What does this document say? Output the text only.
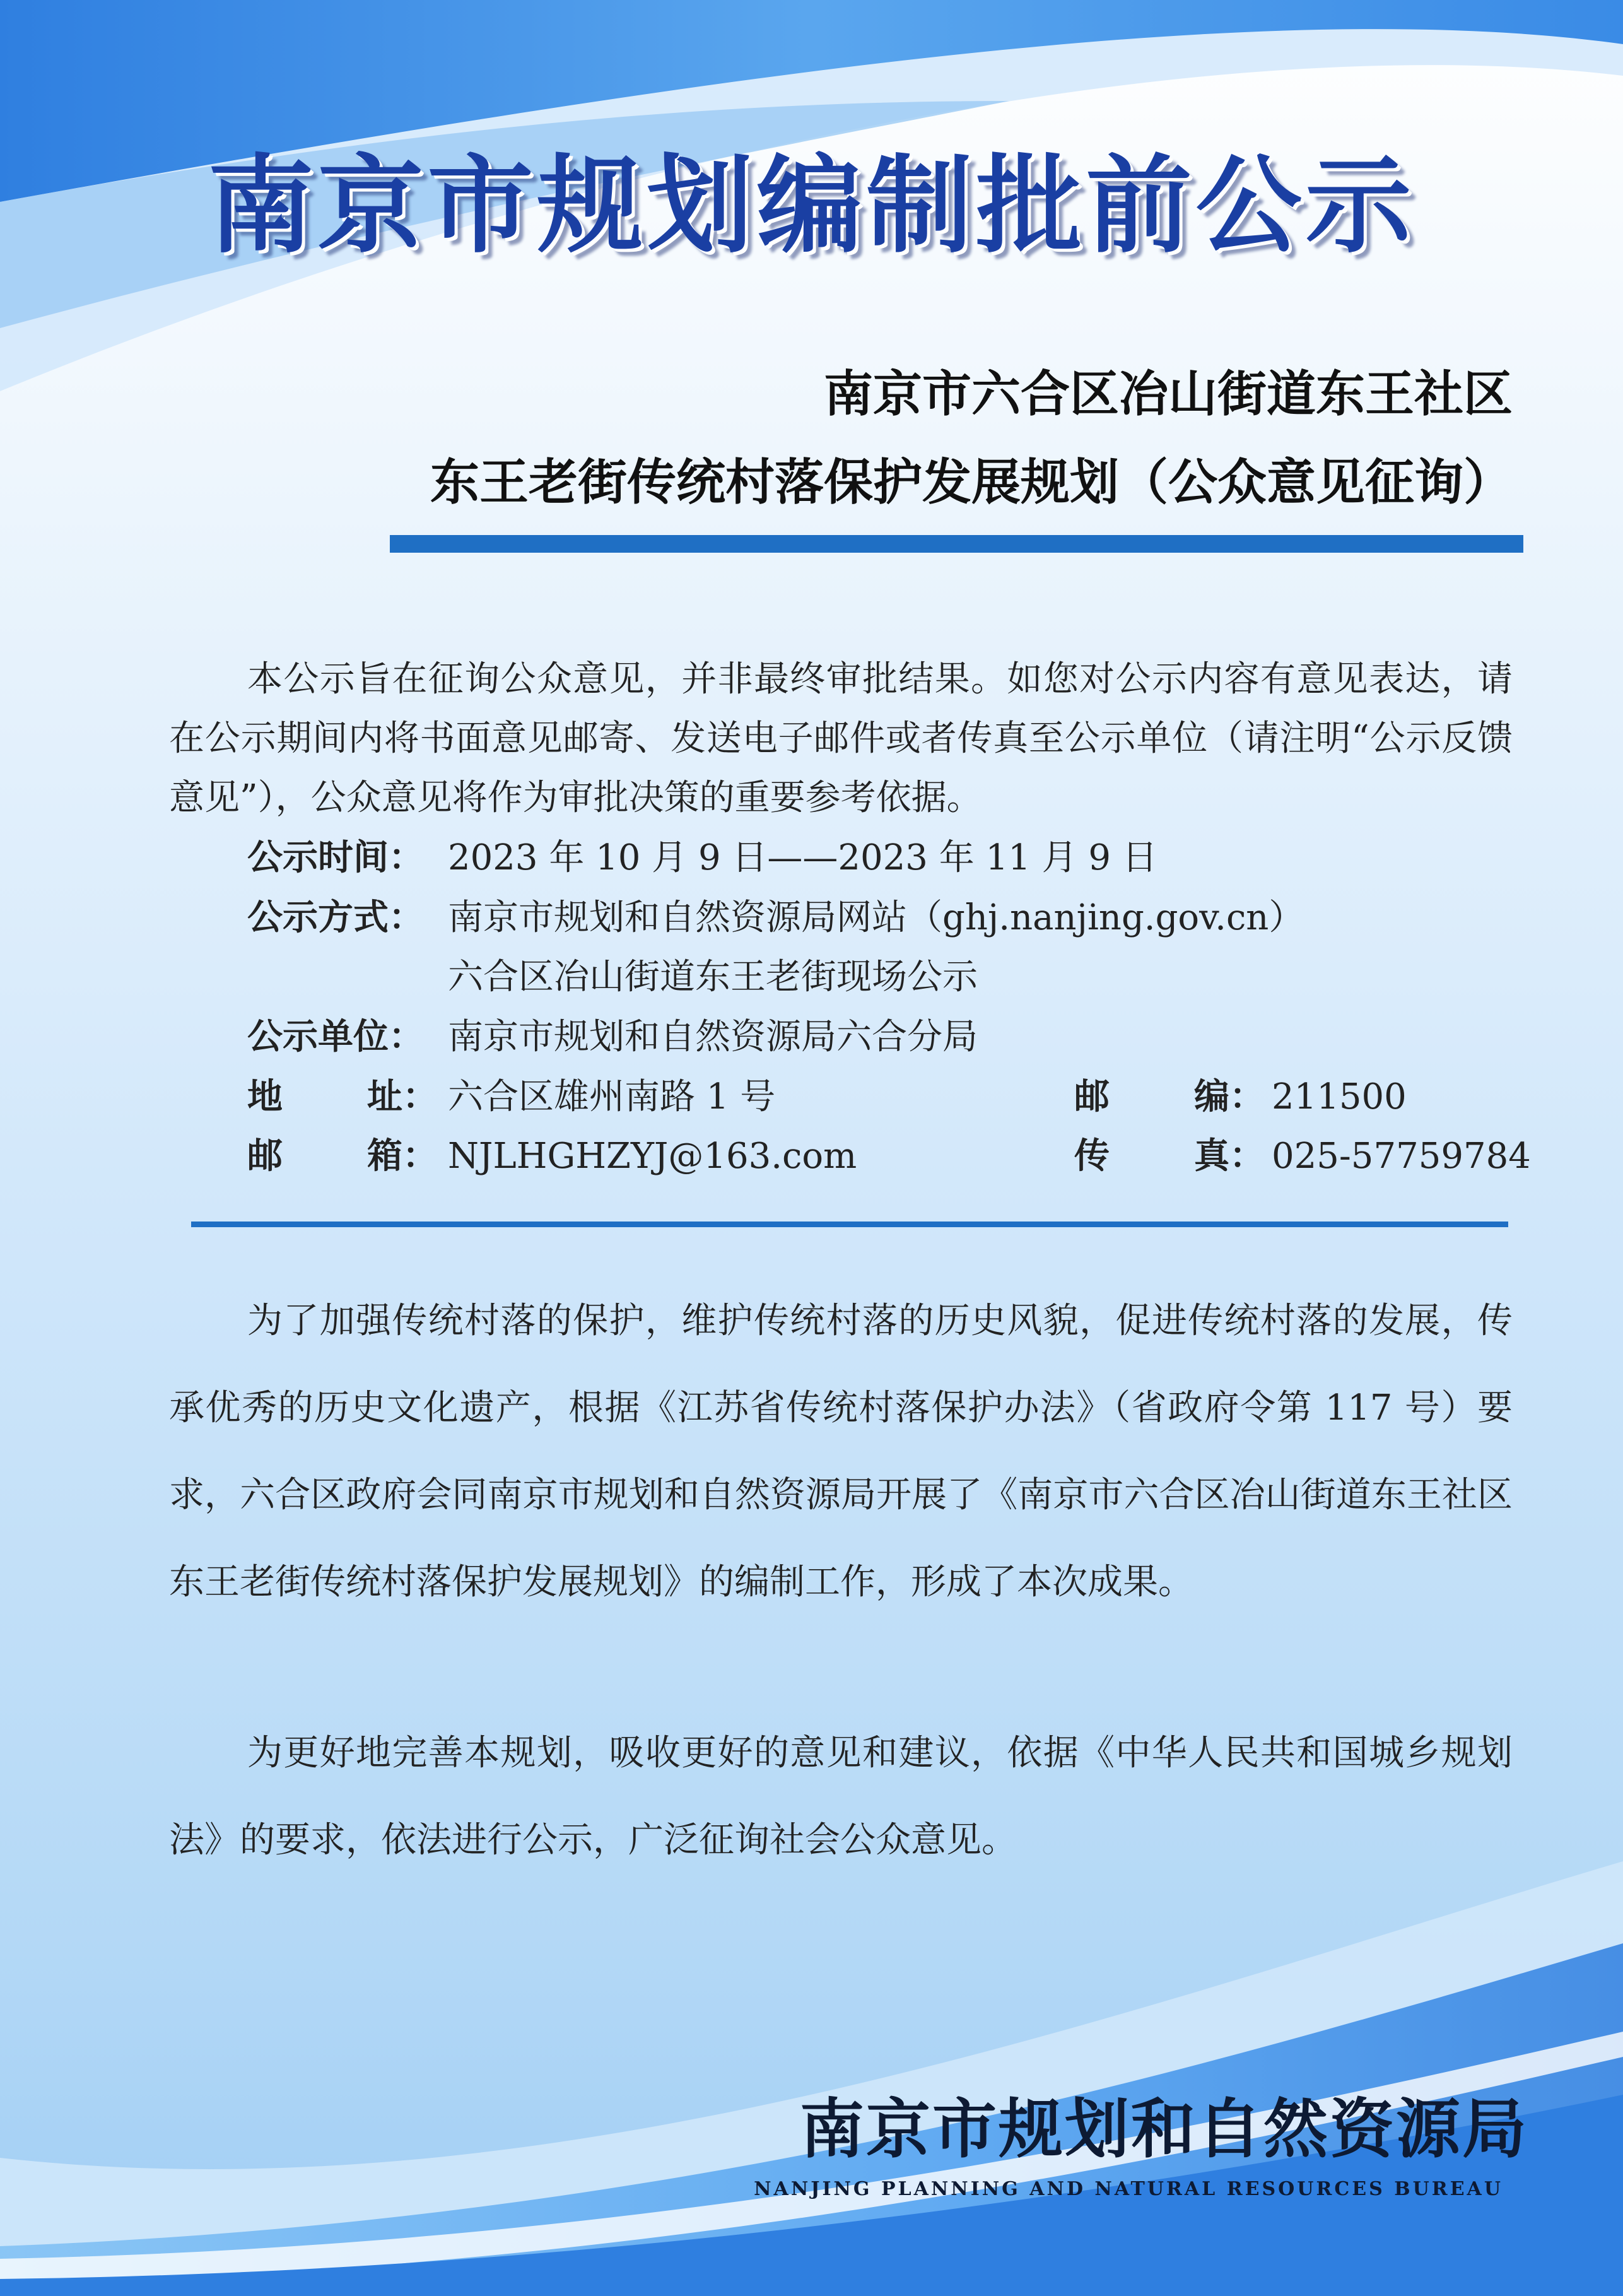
南京市规划编制批前公示
南京市六合区冶山街道东王社区
东王老街传统村落保护发展规划（公众意见征询）
本公示旨在征询公众意见，并非最终审批结果。如您对公示内容有意见表达，请在公示期间内将书面意见邮寄、发送电子邮件或者传真至公示单位（请注明“公示反馈意见”），公众意见将作为审批决策的重要参考依据。
公示时间： 2023 年 10 月 9 日——2023 年 11 月 9 日
公示方式： 南京市规划和自然资源局网站（ghj.nanjing.gov.cn）
六合区冶山街道东王老街现场公示
公示单位： 南京市规划和自然资源局六合分局
地 址： 六合区雄州南路 1 号	邮 编： 211500
邮 箱： NJLHGHZYJ@163.com	传 真： 025-57759784
为了加强传统村落的保护，维护传统村落的历史风貌，促进传统村落的发展，传承优秀的历史文化遗产，根据《江苏省传统村落保护办法》（省政府令第 117 号）要求，六合区政府会同南京市规划和自然资源局开展了《南京市六合区冶山街道东王社区东王老街传统村落保护发展规划》的编制工作，形成了本次成果。
为更好地完善本规划，吸收更好的意见和建议，依据《中华人民共和国城乡规划法》的要求，依法进行公示，广泛征询社会公众意见。
南京市规划和自然资源局
NANJING PLANNING AND NATURAL RESOURCES BUREAU
